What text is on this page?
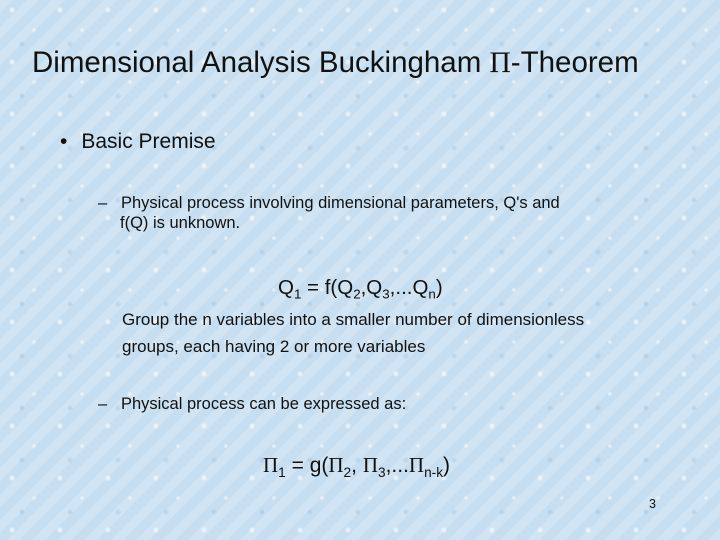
Dimensional Analysis Buckingham Π-Theorem
• Basic Premise
– Physical process involving dimensional parameters, Q's and
f(Q) is unknown.
$Q_1 = f(Q_2,Q_3,...Q_n)$
Group the n variables into a smaller number of dimensionless
groups, each having 2 or more variables
– Physical process can be expressed as:
$\Pi_1 = g(\Pi_2$, $\Pi_3,...\Pi_{n-k}$)
3
